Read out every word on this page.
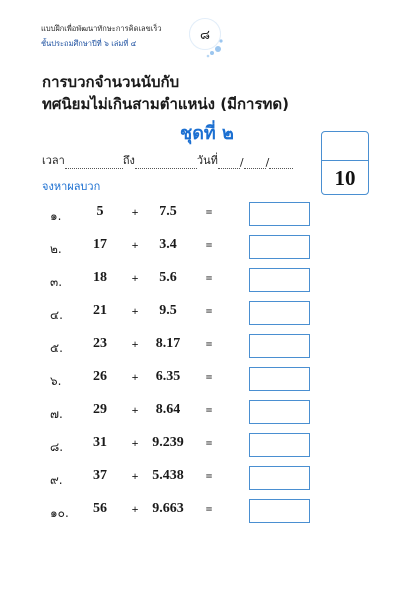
แบบฝึกเพื่อพัฒนาทักษะการคิดเลขเร็ว
ชั้นประถมศึกษาปีที่ ๖ เล่มที่ ๔
๘
การบวกจำนวนนับกับ
ทศนิยมไม่เกินสามตำแหน่ง (มีการทด)
ชุดที่ ๒
10
เวลา	ถึง	วันที่ / /
จงหาผลบวก
๑.	5	+	7.5	=
๒.	17	+	3.4	=
๓.	18	+	5.6	=
๔.	21	+	9.5	=
๕.	23	+	8.17	=
๖.	26	+	6.35	=
๗.	29	+	8.64	=
๘.	31	+ 9.239	=
๙.	37	+ 5.438	=
๑๐.	56	+ 9.663	=
